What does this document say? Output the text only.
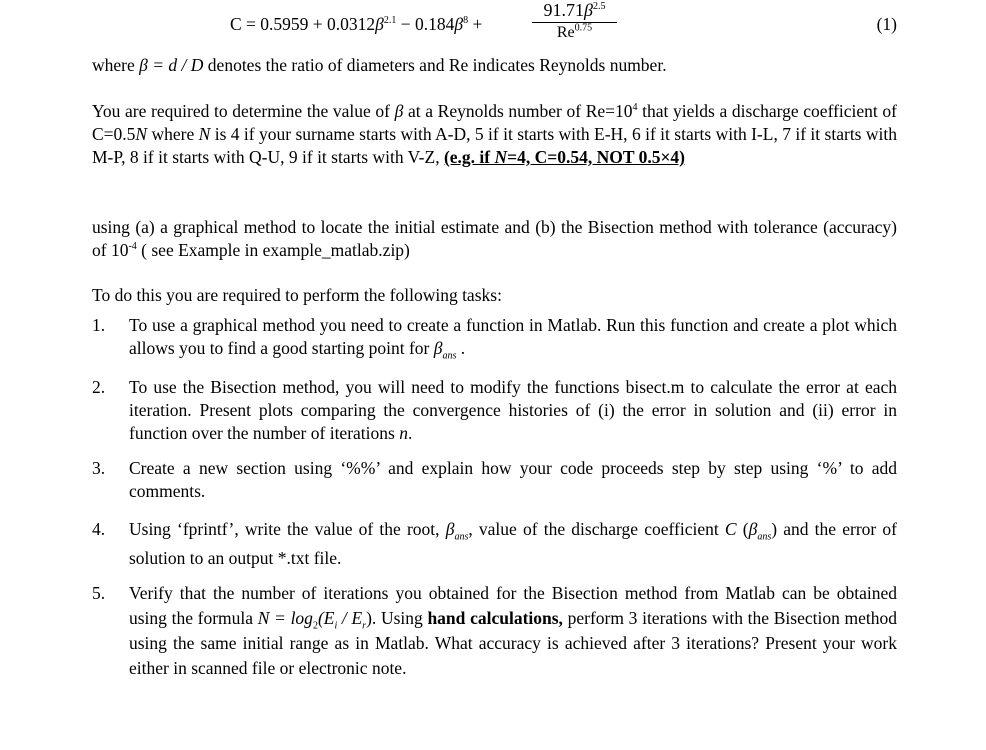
$C = 0.5959 + 0.0312\beta^{2.1} - 0.184\beta^8$ +
$91.71\beta^{2.5}$
$Re^{0.75}$	(1)
where β = d / D denotes the ratio of diameters and Re indicates Reynolds number.
You are required to determine the value of β at a Reynolds number of $Re=10^4$ that yields a discharge coefficient of C=0.5N where N is 4 if your surname starts with A-D, 5 if it starts with E-H, 6 if it starts with I-L, 7 if it starts with M-P, 8 if it starts with Q-U, 9 if it starts with V-Z, (e.g. if N=4, C=0.54, NOT 0.5×4)
using (a) a graphical method to locate the initial estimate and (b) the Bisection method with tolerance (accuracy) of $10^{-4}$ ( see Example in example_matlab.zip)
To do this you are required to perform the following tasks:
1. To use a graphical method you need to create a function in Matlab. Run this function and create a plot which allows you to find a good starting point for $\beta_{ans}$ .
2. To use the Bisection method, you will need to modify the functions bisect.m to calculate the error at each iteration. Present plots comparing the convergence histories of (i) the error in solution and (ii) error in function over the number of iterations n.
3. Create a new section using ‘%%’ and explain how your code proceeds step by step using ‘%’ to add comments.
4. Using ‘fprintf’, write the value of the root, $\beta_{ans}$, value of the discharge coefficient C $(\beta_{ans})$ and the error of solution to an output *.txt file.
5. Verify that the number of iterations you obtained for the Bisection method from Matlab can be obtained using the formula $N = \log_2(E_i / E_r)$. Using hand calculations, perform 3 iterations with the Bisection method using the same initial range as in Matlab. What accuracy is achieved after 3 iterations? Present your work either in scanned file or electronic note.
